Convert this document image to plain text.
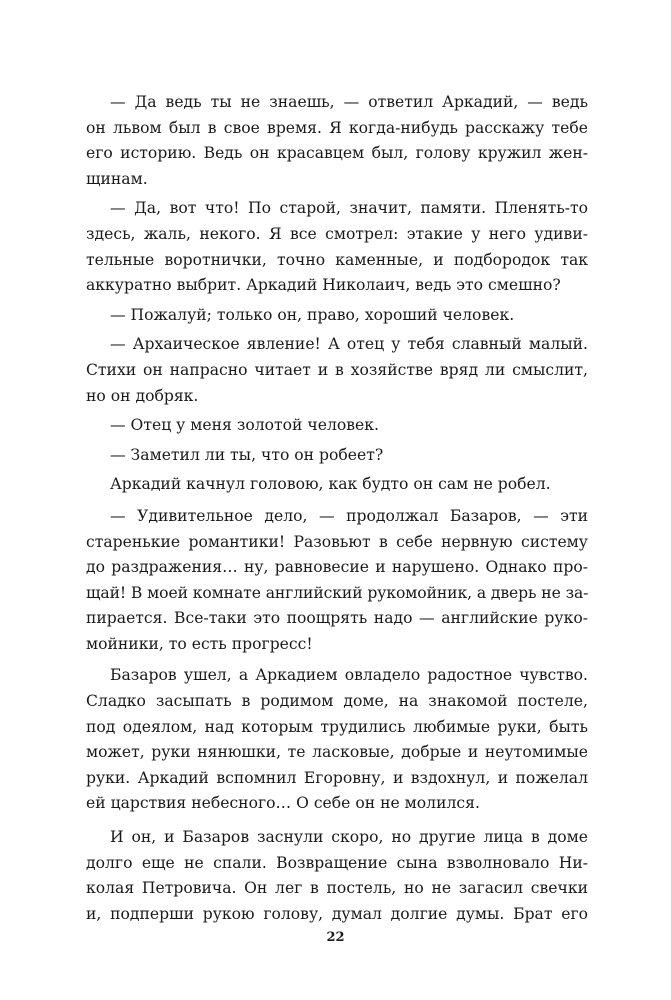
— Да ведь ты не знаешь, — ответил Аркадий, — ведь
он львом был в свое время. Я когда-нибудь расскажу тебе
его историю. Ведь он красавцем был, голову кружил жен-
щинам.
— Да, вот что! По старой, значит, памяти. Пленять-то
здесь, жаль, некого. Я все смотрел: этакие у него удиви-
тельные воротнички, точно каменные, и подбородок так
аккуратно выбрит. Аркадий Николаич, ведь это смешно?
— Пожалуй; только он, право, хороший человек.
— Архаическое явление! А отец у тебя славный малый.
Стихи он напрасно читает и в хозяйстве вряд ли смыслит,
но он добряк.
— Отец у меня золотой человек.
— Заметил ли ты, что он робеет?
Аркадий качнул головою, как будто он сам не робел.
— Удивительное дело, — продолжал Базаров, — эти
старенькие романтики! Разовьют в себе нервную систему
до раздражения… ну, равновесие и нарушено. Однако про-
щай! В моей комнате английский рукомойник, а дверь не за-
пирается. Все-таки это поощрять надо — английские руко-
мойники, то есть прогресс!
Базаров ушел, а Аркадием овладело радостное чувство.
Сладко засыпать в родимом доме, на знакомой постеле,
под одеялом, над которым трудились любимые руки, быть
может, руки нянюшки, те ласковые, добрые и неутомимые
руки. Аркадий вспомнил Егоровну, и вздохнул, и пожелал
ей царствия небесного… О себе он не молился.
И он, и Базаров заснули скоро, но другие лица в доме
долго еще не спали. Возвращение сына взволновало Ни-
колая Петровича. Он лег в постель, но не загасил свечки
и, подперши рукою голову, думал долгие думы. Брат его
22
